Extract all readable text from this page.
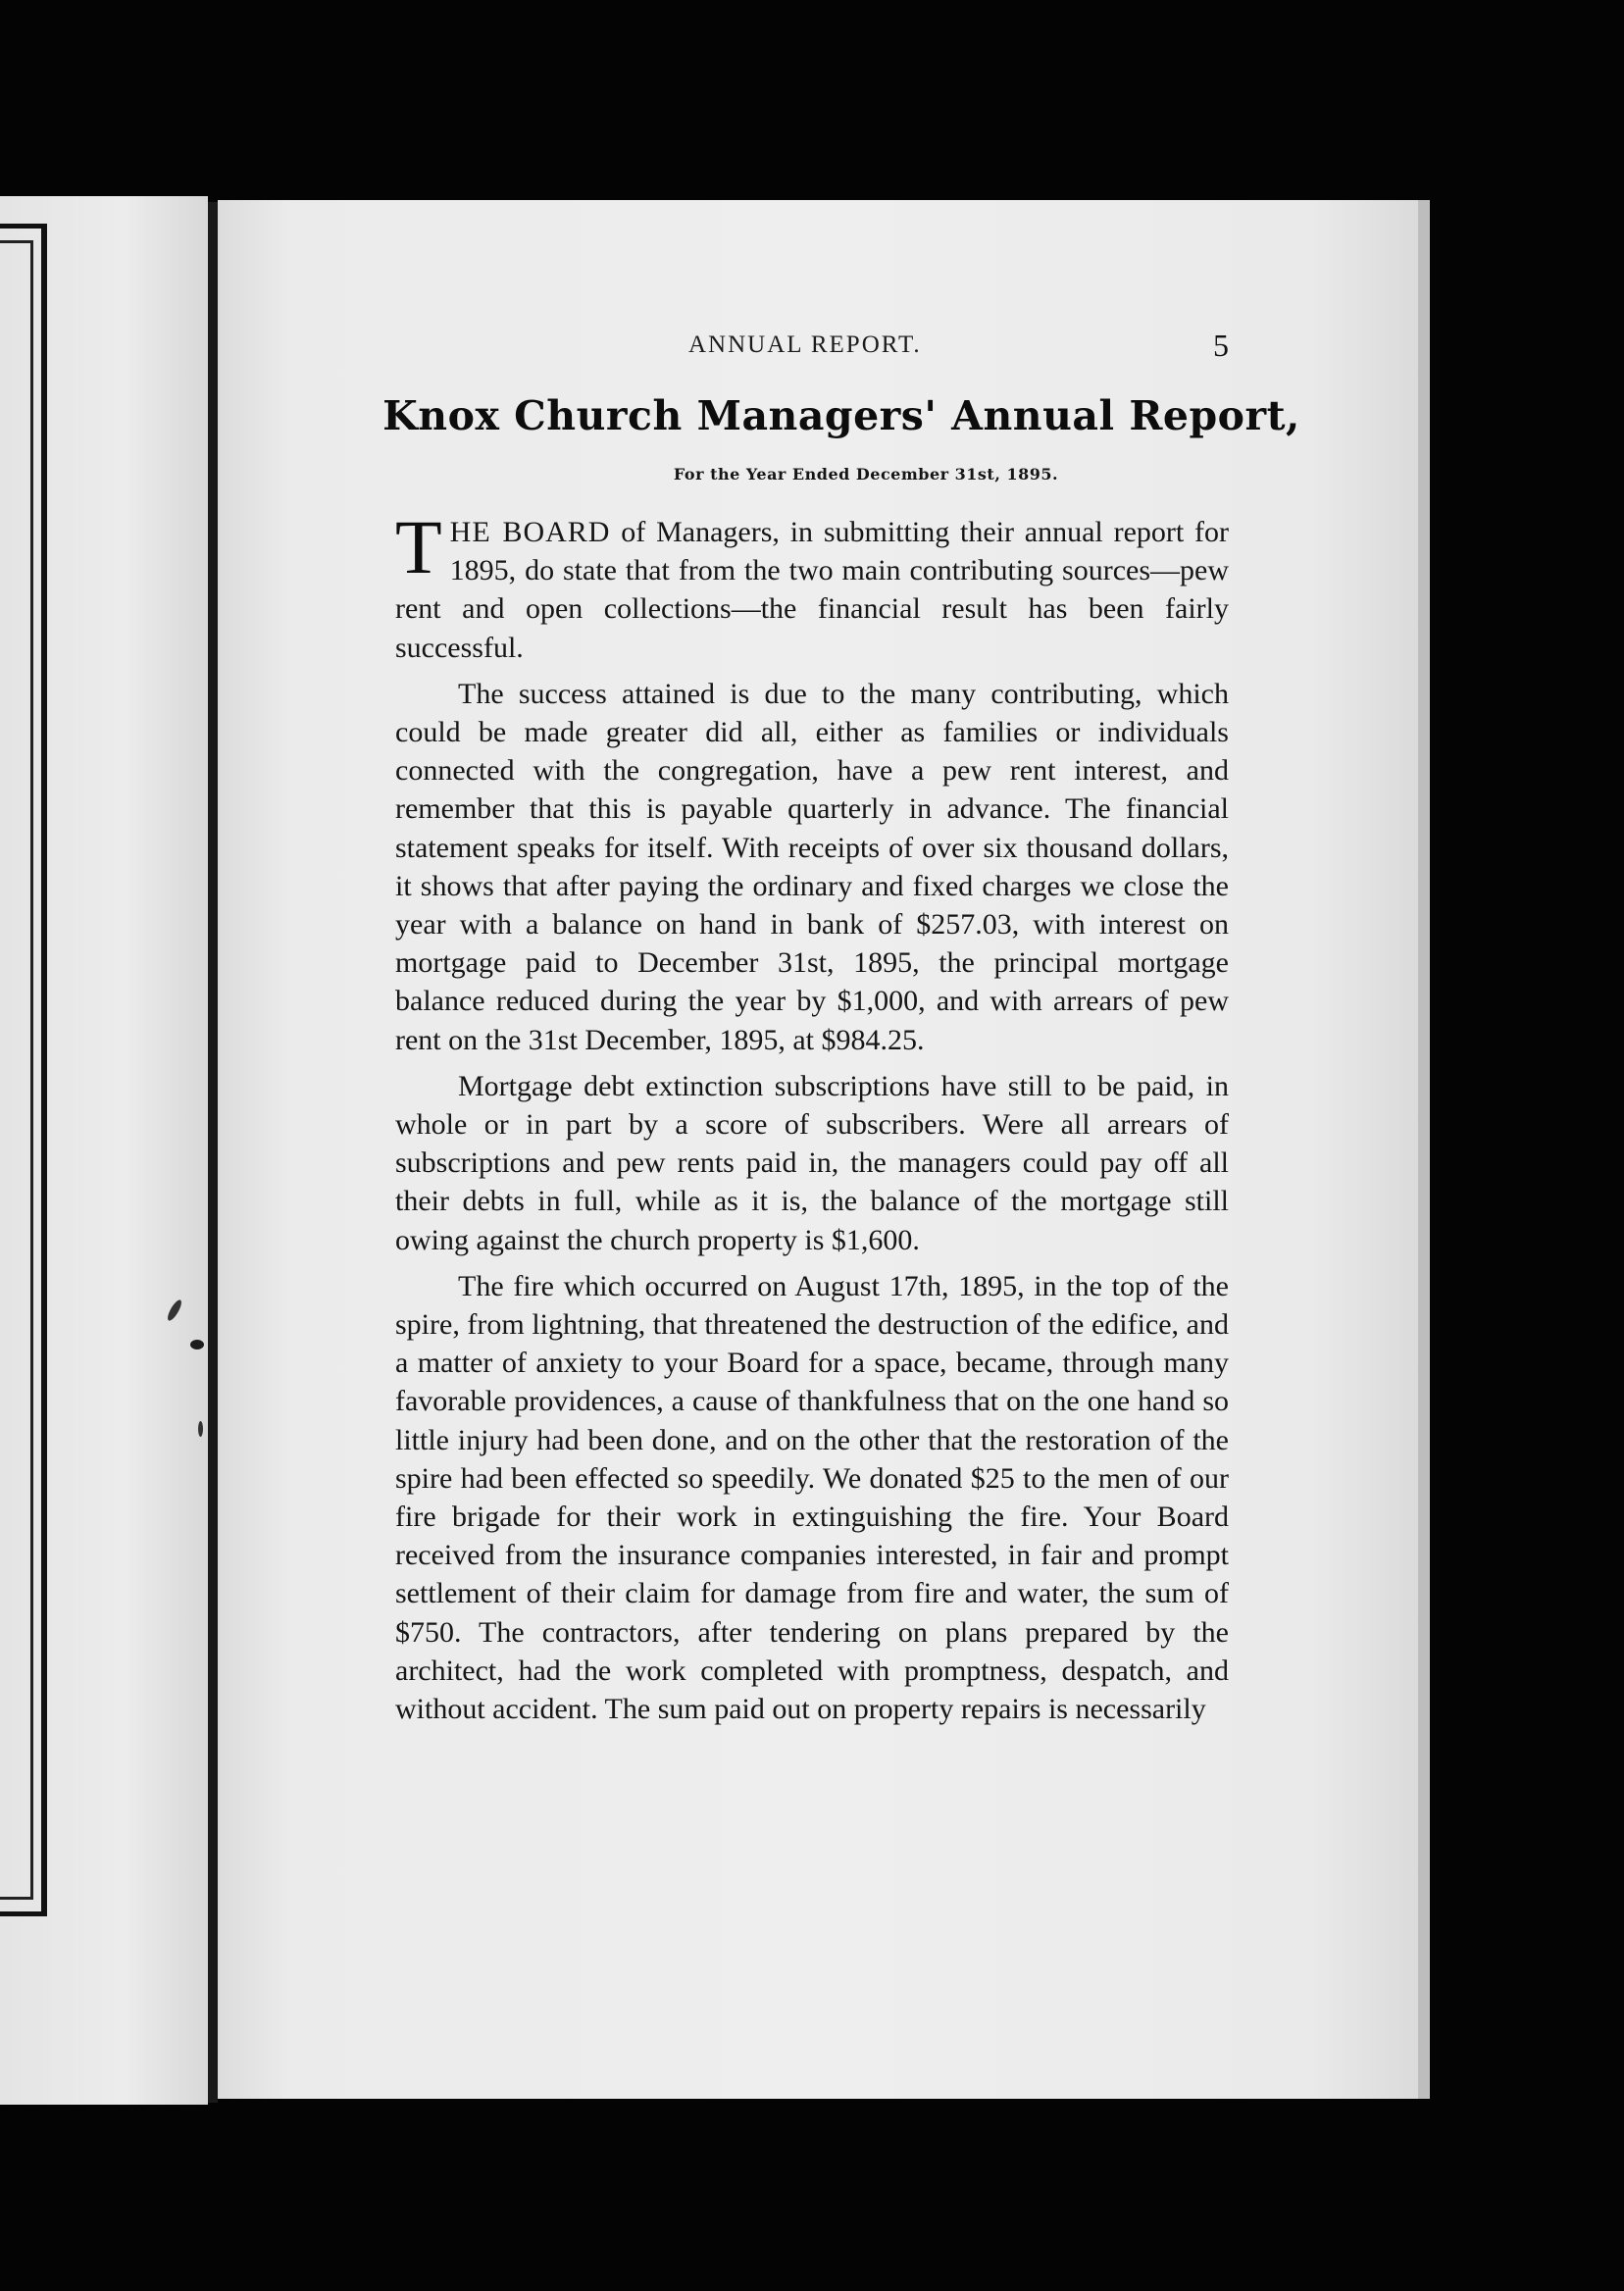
ANNUAL REPORT.	5
Knox Church Managers' Annual Report,
For the Year Ended December 31st, 1895.

THE BOARD of Managers, in submitting their annual report for 1895, do state that from the two main contributing sources—pew rent and open collections—the financial result has been fairly successful.

The success attained is due to the many contributing, which could be made greater did all, either as families or individuals connected with the congregation, have a pew rent interest, and remember that this is payable quarterly in advance. The financial statement speaks for itself. With receipts of over six thousand dollars, it shows that after paying the ordinary and fixed charges we close the year with a balance on hand in bank of $257.03, with interest on mortgage paid to December 31st, 1895, the principal mortgage balance reduced during the year by $1,000, and with arrears of pew rent on the 31st December, 1895, at $984.25.

Mortgage debt extinction subscriptions have still to be paid, in whole or in part by a score of subscribers. Were all arrears of subscriptions and pew rents paid in, the managers could pay off all their debts in full, while as it is, the balance of the mortgage still owing against the church property is $1,600.

The fire which occurred on August 17th, 1895, in the top of the spire, from lightning, that threatened the destruction of the edifice, and a matter of anxiety to your Board for a space, became, through many favorable providences, a cause of thankfulness that on the one hand so little injury had been done, and on the other that the restoration of the spire had been effected so speedily. We donated $25 to the men of our fire brigade for their work in extinguishing the fire. Your Board received from the insurance companies interested, in fair and prompt settlement of their claim for damage from fire and water, the sum of $750. The contractors, after tendering on plans prepared by the architect, had the work completed with promptness, despatch, and without accident. The sum paid out on property repairs is necessarily
